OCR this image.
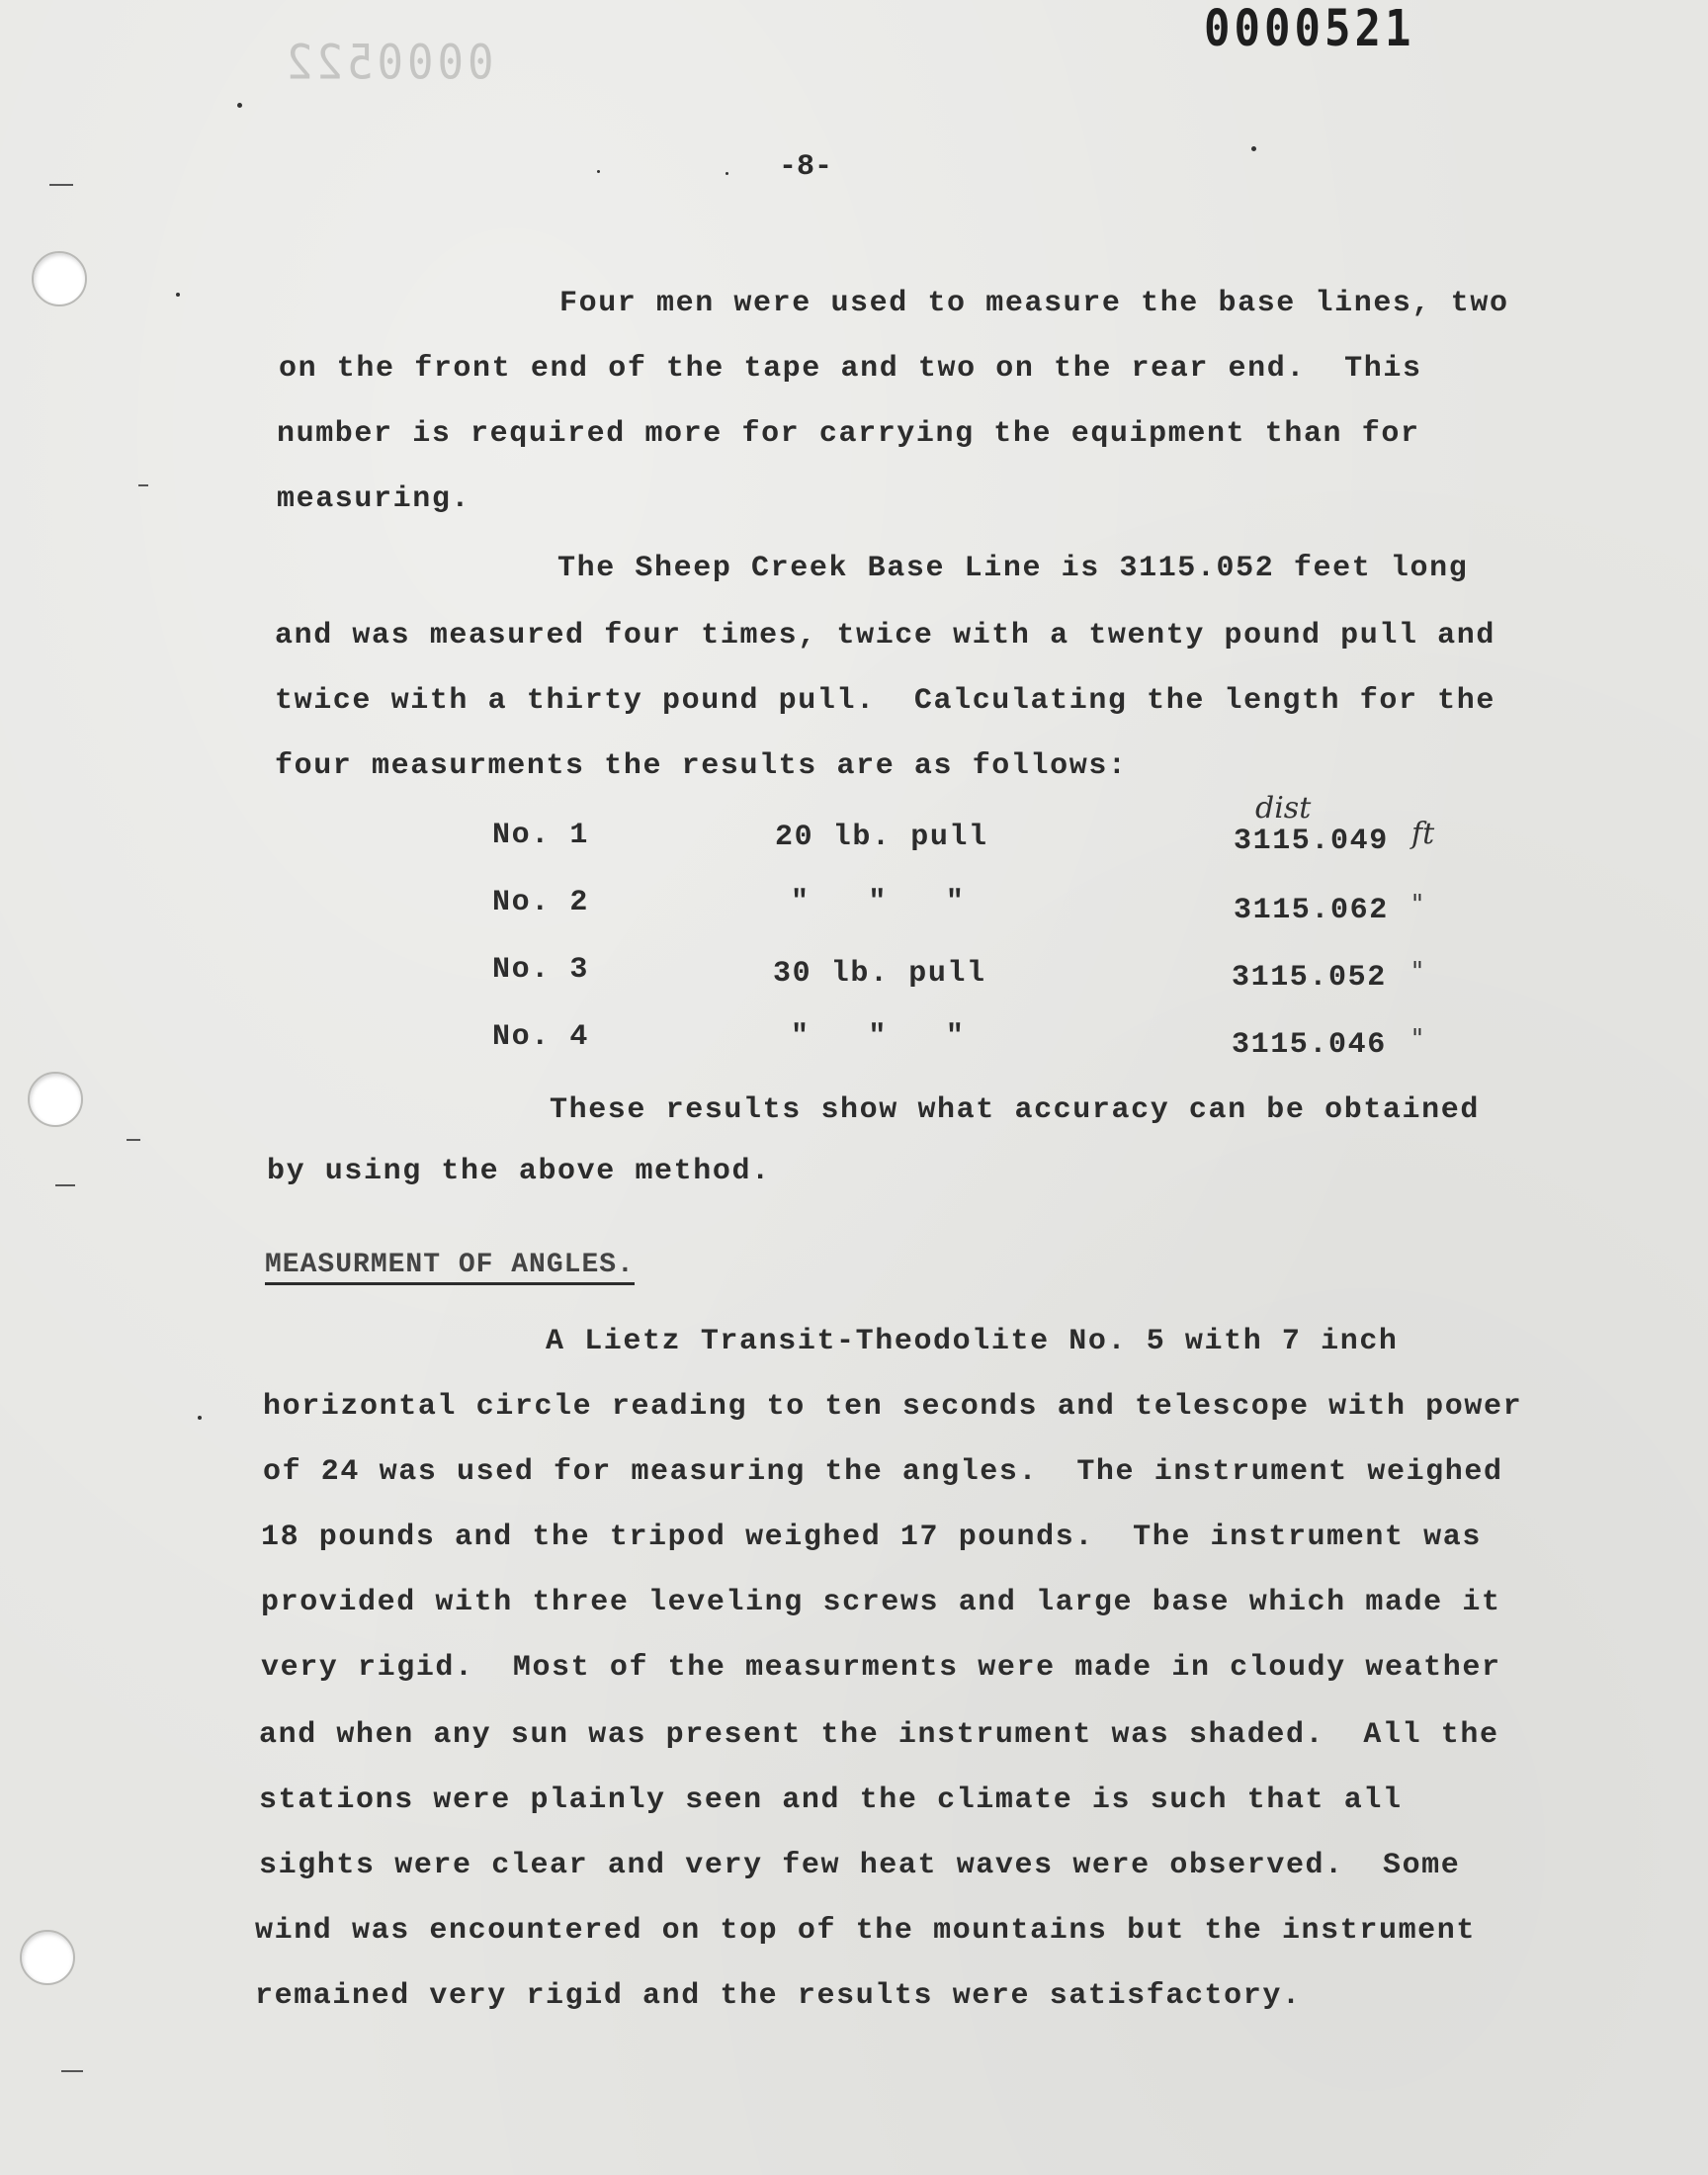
0000521
0000522
-8-
Four men were used to measure the base lines, two
on the front end of the tape and two on the rear end.  This
number is required more for carrying the equipment than for
measuring.
The Sheep Creek Base Line is 3115.052 feet long
and was measured four times, twice with a twenty pound pull and
twice with a thirty pound pull.  Calculating the length for the
four measurments the results are as follows:
dist
No. 1	20 lb. pull	3115.049 ft
No. 2	"   "   "	3115.062 "
No. 3	30 lb. pull	3115.052 "
No. 4	"   "   "	3115.046 "
These results show what accuracy can be obtained
by using the above method.
MEASURMENT OF ANGLES.
A Lietz Transit-Theodolite No. 5 with 7 inch
horizontal circle reading to ten seconds and telescope with power
of 24 was used for measuring the angles.  The instrument weighed
18 pounds and the tripod weighed 17 pounds.  The instrument was
provided with three leveling screws and large base which made it
very rigid.  Most of the measurments were made in cloudy weather
and when any sun was present the instrument was shaded.  All the
stations were plainly seen and the climate is such that all
sights were clear and very few heat waves were observed.  Some
wind was encountered on top of the mountains but the instrument
remained very rigid and the results were satisfactory.
